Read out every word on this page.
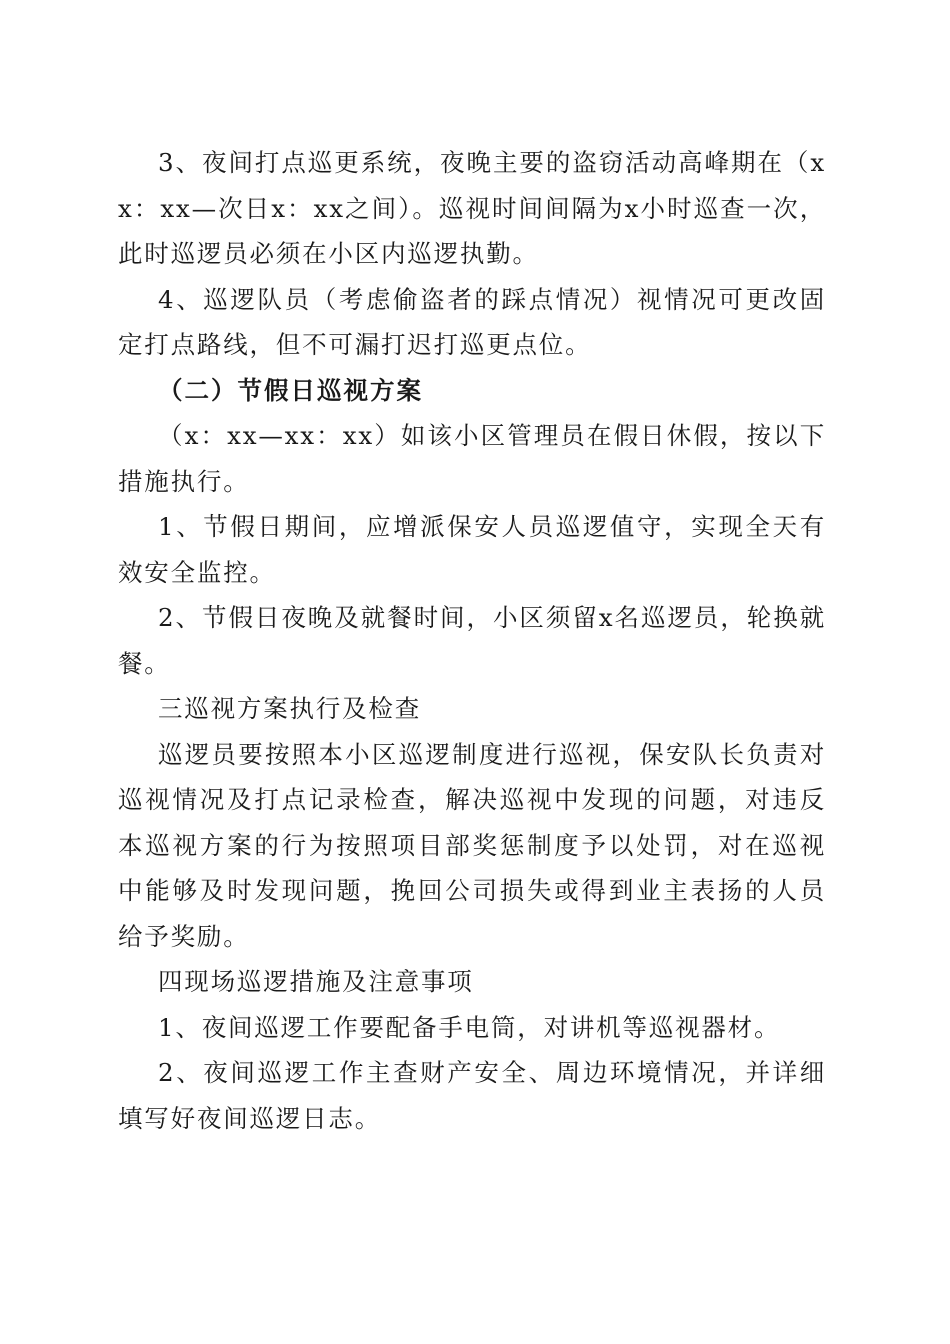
3、夜间打点巡更系统，夜晚主要的盗窃活动高峰期在（xx：xx—次日x：xx之间）。巡视时间间隔为x小时巡查一次，此时巡逻员必须在小区内巡逻执勤。

4、巡逻队员（考虑偷盗者的踩点情况）视情况可更改固定打点路线，但不可漏打迟打巡更点位。

（二）节假日巡视方案

（x：xx—xx：xx）如该小区管理员在假日休假，按以下措施执行。

1、节假日期间，应增派保安人员巡逻值守，实现全天有效安全监控。

2、节假日夜晚及就餐时间，小区须留x名巡逻员，轮换就餐。

三巡视方案执行及检查

巡逻员要按照本小区巡逻制度进行巡视，保安队长负责对巡视情况及打点记录检查，解决巡视中发现的问题，对违反本巡视方案的行为按照项目部奖惩制度予以处罚，对在巡视中能够及时发现问题，挽回公司损失或得到业主表扬的人员给予奖励。

四现场巡逻措施及注意事项

1、夜间巡逻工作要配备手电筒，对讲机等巡视器材。

2、夜间巡逻工作主查财产安全、周边环境情况，并详细填写好夜间巡逻日志。
